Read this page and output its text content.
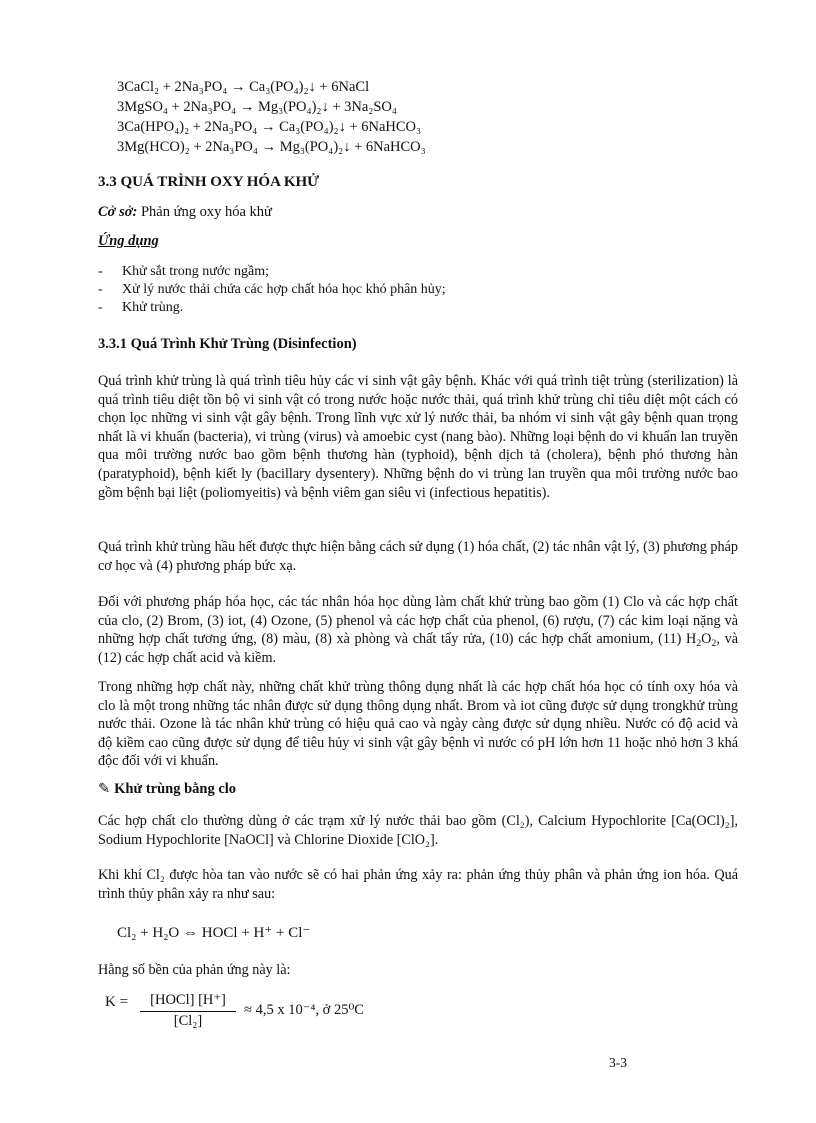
3CaCl₂ + 2Na₃PO₄ → Ca₃(PO₄)₂↓ + 6NaCl
3MgSO₄ + 2Na₃PO₄ → Mg₃(PO₄)₂↓ + 3Na₂SO₄
3Ca(HPO₄)₂ + 2Na₃PO₄ → Ca₃(PO₄)₂↓ + 6NaHCO₃
3Mg(HCO)₂ + 2Na₃PO₄ → Mg₃(PO₄)₂↓ + 6NaHCO₃
3.3 QUÁ TRÌNH OXY HÓA KHỬ
Cở sở: Phản ứng oxy hóa khử
Ứng dụng
- Khử sắt trong nước ngầm;
- Xử lý nước thải chứa các hợp chất hóa học khó phân hủy;
- Khử trùng.
3.3.1 Quá Trình Khử Trùng (Disinfection)
Quá trình khử trùng là quá trình tiêu hủy các vi sinh vật gây bệnh. Khác với quá trình tiệt trùng (sterilization) là quá trình tiêu diệt tồn bộ vi sinh vật có trong nước hoặc nước thải, quá trình khử trùng chỉ tiêu diệt một cách có chọn lọc những vi sinh vật gây bệnh. Trong lĩnh vực xử lý nước thải, ba nhóm vi sinh vật gây bệnh quan trọng nhất là vi khuẩn (bacteria), vi trùng (virus) và amoebic cyst (nang bào). Những loại bệnh do vi khuẩn lan truyền qua môi trường nước bao gồm bệnh thương hàn (typhoid), bệnh dịch tả (cholera), bệnh phó thương hàn (paratyphoid), bệnh kiết ly (bacillary dysentery). Những bệnh do vi trùng lan truyền qua môi trường nước bao gồm bệnh bại liệt (poliomyeitis) và bệnh viêm gan siêu vi (infectious hepatitis).
Quá trình khử trùng hầu hết được thực hiện bằng cách sử dụng (1) hóa chất, (2) tác nhân vật lý, (3) phương pháp cơ học và (4) phương pháp bức xạ.
Đối với phương pháp hóa học, các tác nhân hóa học dùng làm chất khử trùng bao gồm (1) Clo và các hợp chất của clo, (2) Brom, (3) iot, (4) Ozone, (5) phenol và các hợp chất của phenol, (6) rượu, (7) các kim loại nặng và những hợp chất tương ứng, (8) màu, (8) xà phòng và chất tẩy rửa, (10) các hợp chất amonium, (11) $H_2O_2$, và (12) các hợp chất acid và kiềm.
Trong những hợp chất này, những chất khử trùng thông dụng nhất là các hợp chất hóa học có tính oxy hóa và clo là một trong những tác nhân được sử dụng thông dụng nhất. Brom và iot cũng được sử dụng trongkhử trùng nước thải. Ozone là tác nhân khử trùng có hiệu quả cao và ngày càng được sử dụng nhiều. Nước có độ acid và độ kiềm cao cũng được sử dụng để tiêu hủy vi sinh vật gây bệnh vì nước có pH lớn hơn 11 hoặc nhỏ hơn 3 khá độc đối với vi khuẩn.
✎ Khử trùng bằng clo
Các hợp chất clo thường dùng ở các trạm xử lý nước thải bao gồm (Cl₂), Calcium Hypochlorite [Ca(OCl)₂], Sodium Hypochlorite [NaOCl] và Chlorine Dioxide [ClO₂].
Khi khí Cl₂ được hòa tan vào nước sẽ có hai phản ứng xảy ra: phản ứng thủy phân và phản ứng ion hóa. Quá trình thủy phân xảy ra như sau:
Cl₂ + H₂O ⇔ HOCl + H⁺ + Cl⁻
Hằng số bền của phản ứng này là:
K =	[HOCl] [H⁺]
[Cl₂]
≈ 4,5 x 10⁻⁴, ở 25⁰C
3-3
